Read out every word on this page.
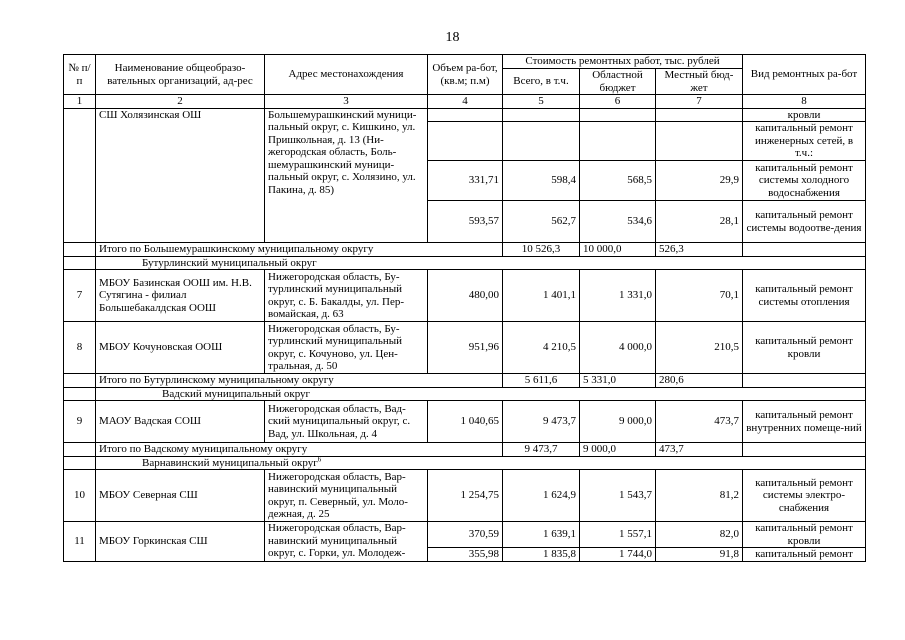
18
№ п/п	Наименование общеобразо-вательных организаций, ад-рес	Адрес местонахождения	Объем ра-бот, (кв.м; п.м)	Стоимость ремонтных работ, тыс. рублей			Вид ремонтных ра-бот
				Всего, в т.ч.	Областной бюджет	Местный бюд-жет	
1	2	3	4	5	6	7	8
	СШ Холязинская ОШ	Большемурашкинский муници-пальный округ, с. Кишкино, ул. Пришкольная, д. 13 (Ни-жегородская область, Боль-шемурашкинский муници-пальный округ, с. Холязино, ул. Пакина, д. 85)					кровли
							капитальный ремонт инженерных сетей, в т.ч.:
			331,71	598,4	568,5	29,9	капитальный ремонт системы холодного водоснабжения
			593,57	562,7	534,6	28,1	капитальный ремонт системы водоотве-дения
	Итого по Большемурашкинскому муниципальному округу			10 526,3	10 000,0	526,3	
	Бутурлинский муниципальный округ						
7	МБОУ Базинская ООШ им. Н.В. Сутягина - филиал Большебакалдская ООШ	Нижегородская область, Бу-турлинский муниципальный округ, с. Б. Бакалды, ул. Пер-вомайская, д. 63	480,00	1 401,1	1 331,0	70,1	капитальный ремонт системы отопления
8	МБОУ Кочуновская ООШ	Нижегородская область, Бу-турлинский муниципальный округ, с. Кочуново, ул. Цен-тральная, д. 50	951,96	4 210,5	4 000,0	210,5	капитальный ремонт кровли
	Итого по Бутурлинскому муниципальному округу			5 611,6	5 331,0	280,6	
	Вадский муниципальный округ						
9	МАОУ Вадская СОШ	Нижегородская область, Вад-ский муниципальный округ, с. Вад, ул. Школьная, д. 4	1 040,65	9 473,7	9 000,0	473,7	капитальный ремонт внутренних помеще-ний
	Итого по Вадскому муниципальному округу			9 473,7	9 000,0	473,7	
	Варнавинский муниципальный округ$^6$
10	МБОУ Северная СШ	Нижегородская область, Вар-навинский муниципальный округ, п. Северный, ул. Моло-дежная, д. 25	1 254,75	1 624,9	1 543,7	81,2	капитальный ремонт системы электро-снабжения
11	МБОУ Горкинская СШ	Нижегородская область, Вар-навинский муниципальный округ, с. Горки, ул. Молодеж-	370,59	1 639,1	1 557,1	82,0	капитальный ремонт кровли
			355,98	1 835,8	1 744,0	91,8	капитальный ремонт
